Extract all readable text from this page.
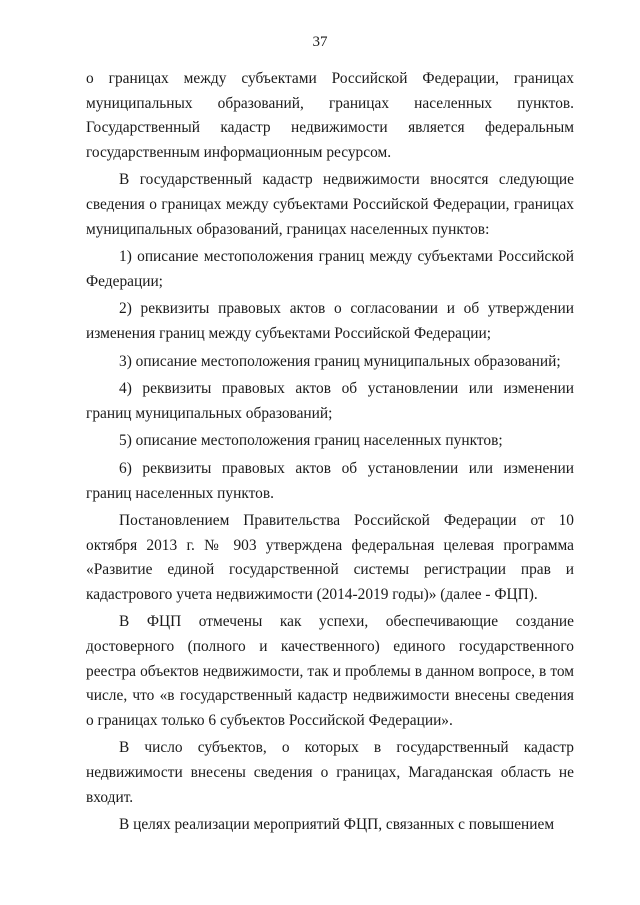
37

о границах между субъектами Российской Федерации, границах муниципальных образований, границах населенных пунктов. Государственный кадастр недвижимости является федеральным государственным информационным ресурсом.

В государственный кадастр недвижимости вносятся следующие сведения о границах между субъектами Российской Федерации, границах муниципальных образований, границах населенных пунктов:

1) описание местоположения границ между субъектами Российской Федерации;

2) реквизиты правовых актов о согласовании и об утверждении изменения границ между субъектами Российской Федерации;

3) описание местоположения границ муниципальных образований;

4) реквизиты правовых актов об установлении или изменении границ муниципальных образований;

5) описание местоположения границ населенных пунктов;

6) реквизиты правовых актов об установлении или изменении границ населенных пунктов.

Постановлением Правительства Российской Федерации от 10 октября 2013 г. № 903 утверждена федеральная целевая программа «Развитие единой государственной системы регистрации прав и кадастрового учета недвижимости (2014-2019 годы)» (далее - ФЦП).

В ФЦП отмечены как успехи, обеспечивающие создание достоверного (полного и качественного) единого государственного реестра объектов недвижимости, так и проблемы в данном вопросе, в том числе, что «в государственный кадастр недвижимости внесены сведения о границах только 6 субъектов Российской Федерации».

В число субъектов, о которых в государственный кадастр недвижимости внесены сведения о границах, Магаданская область не входит.

В целях реализации мероприятий ФЦП, связанных с повышением
